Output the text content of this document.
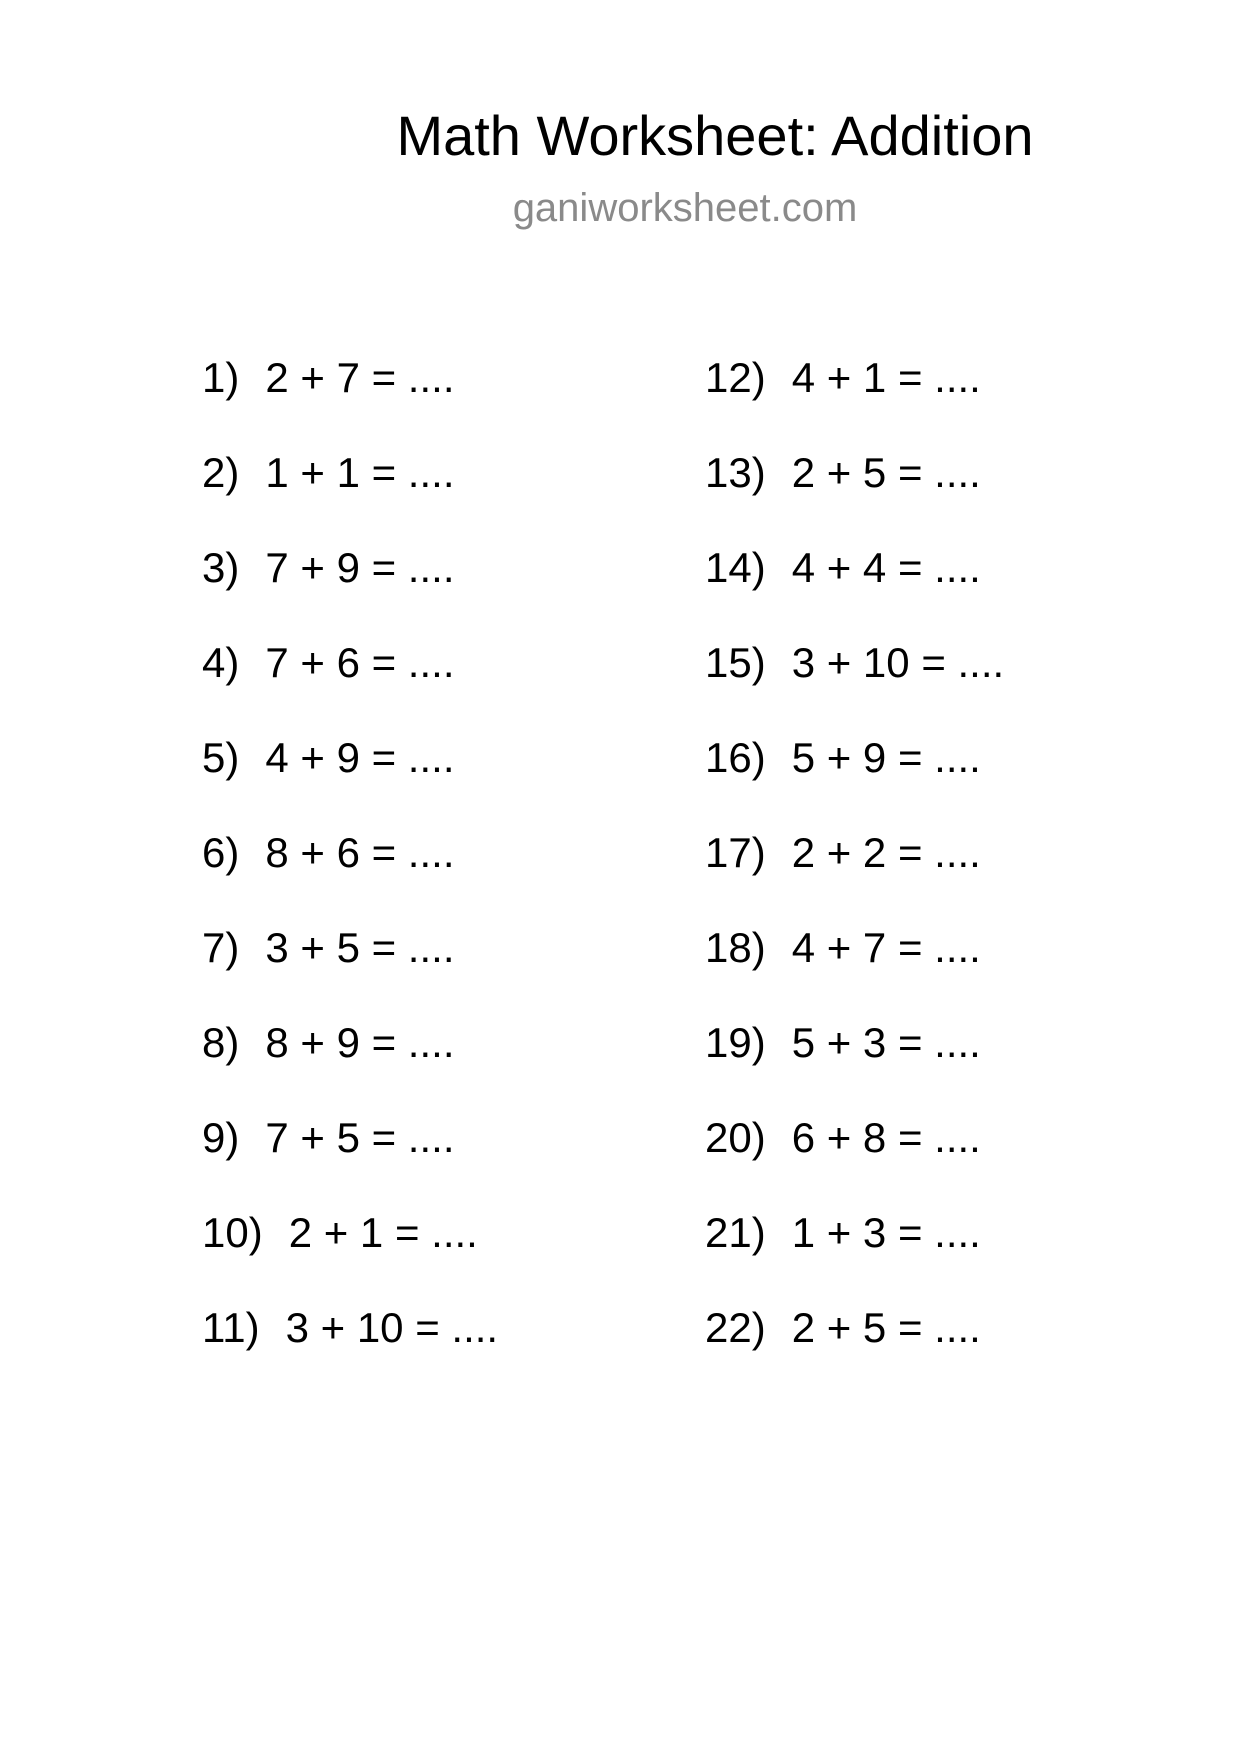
Math Worksheet: Addition
ganiworksheet.com
1) 2 + 7 = ....
2) 1 + 1 = ....
3) 7 + 9 = ....
4) 7 + 6 = ....
5) 4 + 9 = ....
6) 8 + 6 = ....
7) 3 + 5 = ....
8) 8 + 9 = ....
9) 7 + 5 = ....
10) 2 + 1 = ....
11) 3 + 10 = ....
12) 4 + 1 = ....
13) 2 + 5 = ....
14) 4 + 4 = ....
15) 3 + 10 = ....
16) 5 + 9 = ....
17) 2 + 2 = ....
18) 4 + 7 = ....
19) 5 + 3 = ....
20) 6 + 8 = ....
21) 1 + 3 = ....
22) 2 + 5 = ....
